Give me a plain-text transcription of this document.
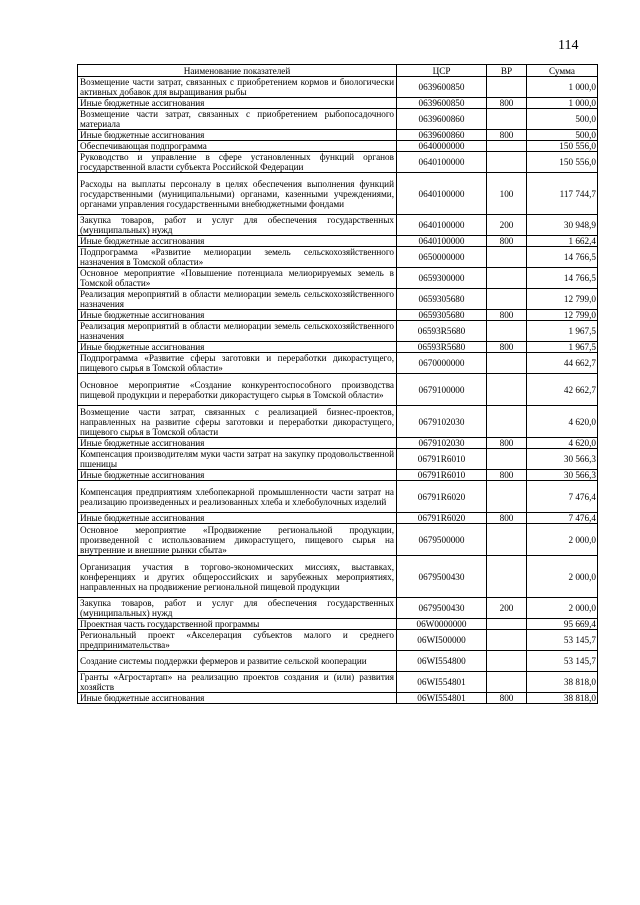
114
Наименование показателей	ЦСР	ВР	Сумма
Возмещение части затрат, связанных с приобретением кормов и биологически активных добавок для выращивания рыбы	0639600850		1 000,0
Иные бюджетные ассигнования	0639600850	800	1 000,0
Возмещение части затрат, связанных с приобретением рыбопосадочного материала	0639600860		500,0
Иные бюджетные ассигнования	0639600860	800	500,0
Обеспечивающая подпрограмма	0640000000		150 556,0
Руководство и управление в сфере установленных функций органов государственной власти субъекта Российской Федерации	0640100000		150 556,0
Расходы на выплаты персоналу в целях обеспечения выполнения функций государственными (муниципальными) органами, казенными учреждениями, органами управления государственными внебюджетными фондами	0640100000	100	117 744,7
Закупка товаров, работ и услуг для обеспечения государственных (муниципальных) нужд	0640100000	200	30 948,9
Иные бюджетные ассигнования	0640100000	800	1 662,4
Подпрограмма «Развитие мелиорации земель сельскохозяйственного назначения в Томской области»	0650000000		14 766,5
Основное мероприятие «Повышение потенциала мелиорируемых земель в Томской области»	0659300000		14 766,5
Реализация мероприятий в области мелиорации земель сельскохозяйственного назначения	0659305680		12 799,0
Иные бюджетные ассигнования	0659305680	800	12 799,0
Реализация мероприятий в области мелиорации земель сельскохозяйственного назначения	06593R5680		1 967,5
Иные бюджетные ассигнования	06593R5680	800	1 967,5
Подпрограмма «Развитие сферы заготовки и переработки дикорастущего, пищевого сырья в Томской области»	0670000000		44 662,7
Основное мероприятие «Создание конкурентоспособного производства пищевой продукции и переработки дикорастущего сырья в Томской области»	0679100000		42 662,7
Возмещение части затрат, связанных с реализацией бизнес-проектов, направленных на развитие сферы заготовки и переработки дикорастущего, пищевого сырья в Томской области	0679102030		4 620,0
Иные бюджетные ассигнования	0679102030	800	4 620,0
Компенсация производителям муки части затрат на закупку продовольственной пшеницы	06791R6010		30 566,3
Иные бюджетные ассигнования	06791R6010	800	30 566,3
Компенсация предприятиям хлебопекарной промышленности части затрат на реализацию произведенных и реализованных хлеба и хлебобулочных изделий	06791R6020		7 476,4
Иные бюджетные ассигнования	06791R6020	800	7 476,4
Основное мероприятие «Продвижение региональной продукции, произведенной с использованием дикорастущего, пищевого сырья на внутренние и внешние рынки сбыта»	0679500000		2 000,0
Организация участия в торгово-экономических миссиях, выставках, конференциях и других общероссийских и зарубежных мероприятиях, направленных на продвижение региональной пищевой продукции	0679500430		2 000,0
Закупка товаров, работ и услуг для обеспечения государственных (муниципальных) нужд	0679500430	200	2 000,0
Проектная часть государственной программы	06W0000000		95 669,4
Региональный проект «Акселерация субъектов малого и среднего предпринимательства»	06WI500000		53 145,7
Создание системы поддержки фермеров и развитие сельской кооперации	06WI554800		53 145,7
Гранты «Агростартап» на реализацию проектов создания и (или) развития хозяйств	06WI554801		38 818,0
Иные бюджетные ассигнования	06WI554801	800	38 818,0
